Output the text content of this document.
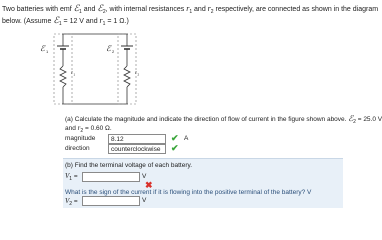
Two batteries with emf ℰ$_1$ and ℰ$_2$, with internal resistances $r_1$ and $r_2$ respectively, are connected as shown in the diagram
below. (Assume ℰ$_1$ = 12 V and $r_1 = 1$ Ω.)
ℰ 1
r 1
ℰ 2
r 2
(a) Calculate the magnitude and indicate the direction of flow of current in the figure shown above. ℰ$_2$ = 25.0 V
and $r_2 = 0.60$ Ω.
magnitude	8.12	✔ A
direction	counterclockwise	✔
(b) Find the terminal voltage of each battery.
$V_1$ =	V
✖
What is the sign of the current if it is flowing into the positive terminal of the battery? V
$V_2$ =	V
